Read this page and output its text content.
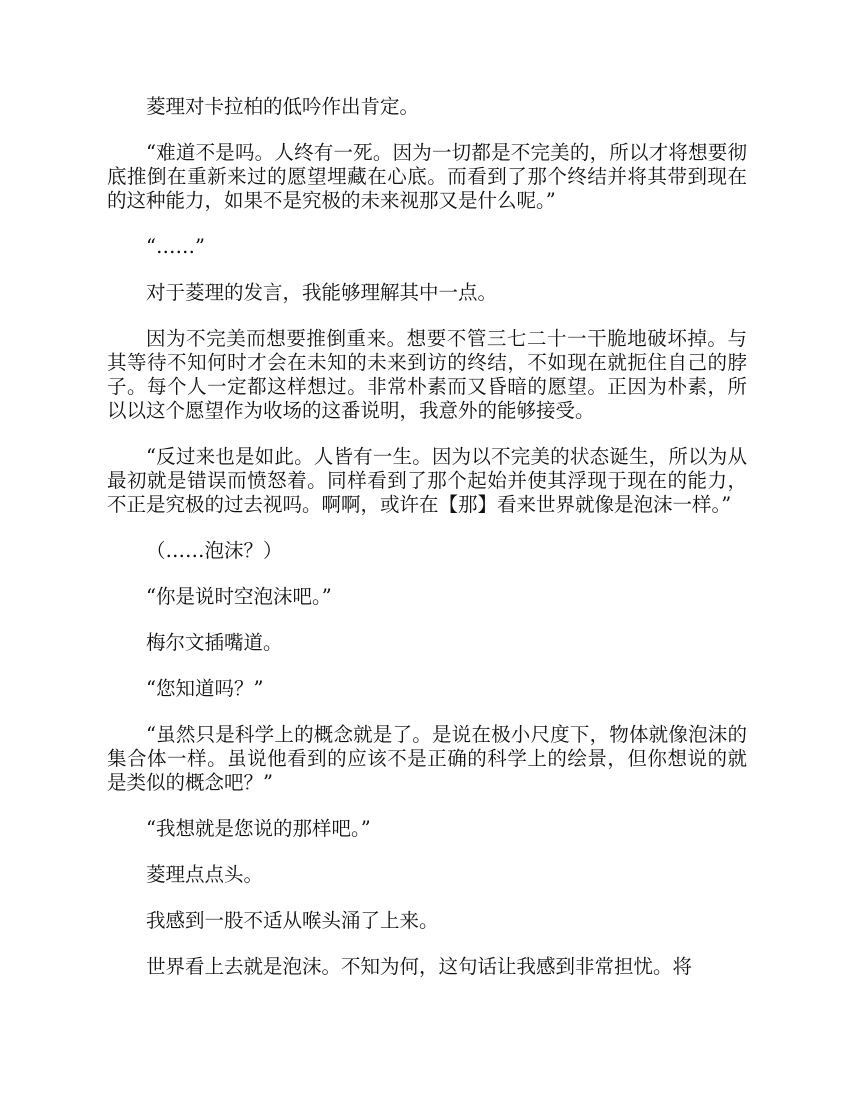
菱理对卡拉柏的低吟作出肯定。

“难道不是吗。人终有一死。因为一切都是不完美的，所以才将想要彻底推倒在重新来过的愿望埋藏在心底。而看到了那个终结并将其带到现在的这种能力，如果不是究极的未来视那又是什么呢。”

“……”

对于菱理的发言，我能够理解其中一点。

因为不完美而想要推倒重来。想要不管三七二十一干脆地破坏掉。与其等待不知何时才会在未知的未来到访的终结，不如现在就扼住自己的脖子。每个人一定都这样想过。非常朴素而又昏暗的愿望。正因为朴素，所以以这个愿望作为收场的这番说明，我意外的能够接受。

“反过来也是如此。人皆有一生。因为以不完美的状态诞生，所以为从最初就是错误而愤怒着。同样看到了那个起始并使其浮现于现在的能力，不正是究极的过去视吗。啊啊，或许在【那】看来世界就像是泡沫一样。”

（……泡沫？）

“你是说时空泡沫吧。”

梅尔文插嘴道。

“您知道吗？”

“虽然只是科学上的概念就是了。是说在极小尺度下，物体就像泡沫的集合体一样。虽说他看到的应该不是正确的科学上的绘景，但你想说的就是类似的概念吧？”

“我想就是您说的那样吧。”

菱理点点头。

我感到一股不适从喉头涌了上来。

世界看上去就是泡沫。不知为何，这句话让我感到非常担忧。将
